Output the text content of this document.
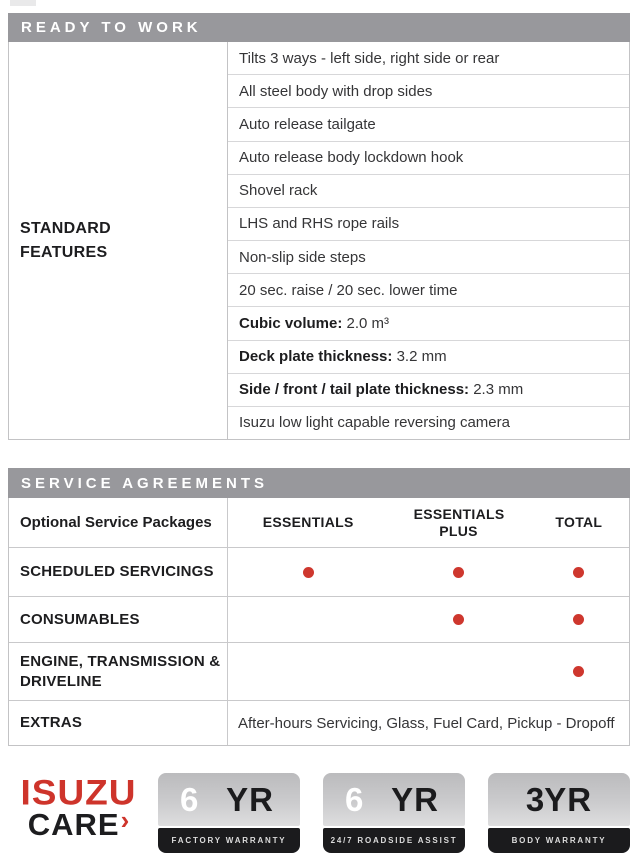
READY TO WORK
STANDARD FEATURES
Tilts 3 ways - left side, right side or rear
All steel body with drop sides
Auto release tailgate
Auto release body lockdown hook
Shovel rack
LHS and RHS rope rails
Non-slip side steps
20 sec. raise / 20 sec. lower time
Cubic volume: 2.0 m³
Deck plate thickness: 3.2 mm
Side / front / tail plate thickness: 2.3 mm
Isuzu low light capable reversing camera
SERVICE AGREEMENTS
Optional Service Packages	ESSENTIALS
ESSENTIALS PLUS
TOTAL
SCHEDULED SERVICINGS
CONSUMABLES
ENGINE, TRANSMISSION & DRIVELINE
EXTRAS	After-hours Servicing, Glass, Fuel Card, Pickup - Dropoff
ISUZU
CARE ›
6 YR
FACTORY WARRANTY
6 YR
24/7 ROADSIDE ASSIST
3 YR
BODY WARRANTY
